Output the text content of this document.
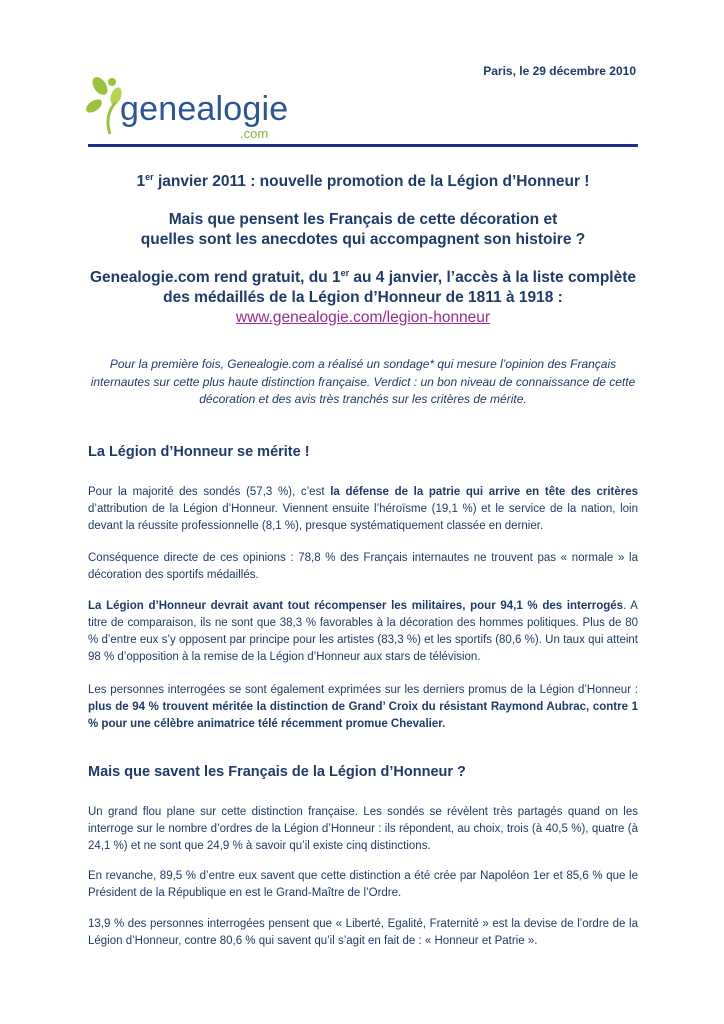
Paris, le 29 décembre 2010
genealogie
.com

1er janvier 2011 : nouvelle promotion de la Légion d’Honneur !

Mais que pensent les Français de cette décoration et
quelles sont les anecdotes qui accompagnent son histoire ?

Genealogie.com rend gratuit, du 1er au 4 janvier, l’accès à la liste complète
des médaillés de la Légion d’Honneur de 1811 à 1918 :
www.genealogie.com/legion-honneur

Pour la première fois, Genealogie.com a réalisé un sondage* qui mesure l’opinion des Français internautes sur cette plus haute distinction française. Verdict : un bon niveau de connaissance de cette décoration et des avis très tranchés sur les critères de mérite.
La Légion d’Honneur se mérite !
Pour la majorité des sondés (57,3 %), c’est la défense de la patrie qui arrive en tête des critères d’attribution de la Légion d’Honneur. Viennent ensuite l’héroïsme (19,1 %) et le service de la nation, loin devant la réussite professionnelle (8,1 %), presque systématiquement classée en dernier.
Conséquence directe de ces opinions : 78,8 % des Français internautes ne trouvent pas « normale » la décoration des sportifs médaillés.
La Légion d’Honneur devrait avant tout récompenser les militaires, pour 94,1 % des interrogés. A titre de comparaison, ils ne sont que 38,3 % favorables à la décoration des hommes politiques. Plus de 80 % d’entre eux s’y opposent par principe pour les artistes (83,3 %) et les sportifs (80,6 %). Un taux qui atteint 98 % d’opposition à la remise de la Légion d’Honneur aux stars de télévision.
Les personnes interrogées se sont également exprimées sur les derniers promus de la Légion d’Honneur : plus de 94 % trouvent méritée la distinction de Grand’ Croix du résistant Raymond Aubrac, contre 1 % pour une célèbre animatrice télé récemment promue Chevalier.
Mais que savent les Français de la Légion d’Honneur ?
Un grand flou plane sur cette distinction française. Les sondés se révèlent très partagés quand on les interroge sur le nombre d’ordres de la Légion d’Honneur : ils répondent, au choix, trois (à 40,5 %), quatre (à 24,1 %) et ne sont que 24,9 % à savoir qu’il existe cinq distinctions.
En revanche, 89,5 % d’entre eux savent que cette distinction a été crée par Napoléon 1er et 85,6 % que le Président de la République en est le Grand-Maître de l’Ordre.
13,9 % des personnes interrogées pensent que « Liberté, Egalité, Fraternité » est la devise de l’ordre de la Légion d’Honneur, contre 80,6 % qui savent qu’il s’agit en fait de : « Honneur et Patrie ».
